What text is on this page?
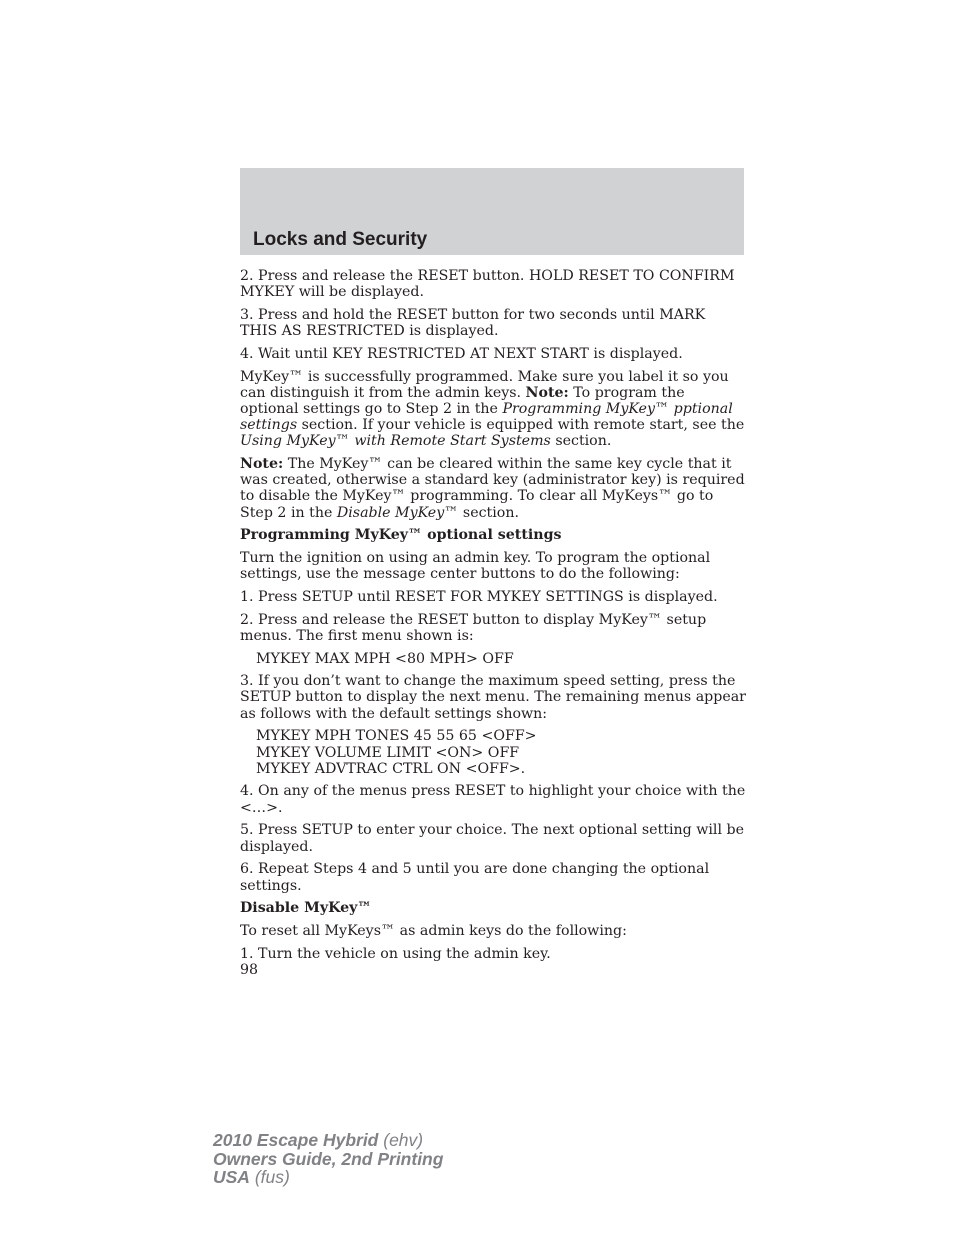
Locks and Security

2. Press and release the RESET button. HOLD RESET TO CONFIRM MYKEY will be displayed.

3. Press and hold the RESET button for two seconds until MARK THIS AS RESTRICTED is displayed.

4. Wait until KEY RESTRICTED AT NEXT START is displayed.

MyKey™ is successfully programmed. Make sure you label it so you can distinguish it from the admin keys. Note: To program the optional settings go to Step 2 in the Programming MyKey™ pptional settings section. If your vehicle is equipped with remote start, see the Using MyKey™ with Remote Start Systems section.

Note: The MyKey™ can be cleared within the same key cycle that it was created, otherwise a standard key (administrator key) is required to disable the MyKey™ programming. To clear all MyKeys™ go to Step 2 in the Disable MyKey™ section.

Programming MyKey™ optional settings

Turn the ignition on using an admin key. To program the optional settings, use the message center buttons to do the following:

1. Press SETUP until RESET FOR MYKEY SETTINGS is displayed.

2. Press and release the RESET button to display MyKey™ setup menus. The first menu shown is:

MYKEY MAX MPH <80 MPH> OFF

3. If you don’t want to change the maximum speed setting, press the SETUP button to display the next menu. The remaining menus appear as follows with the default settings shown:

MYKEY MPH TONES 45 55 65 <OFF>

MYKEY VOLUME LIMIT <ON> OFF

MYKEY ADVTRAC CTRL ON <OFF>.

4. On any of the menus press RESET to highlight your choice with the <…>.

5. Press SETUP to enter your choice. The next optional setting will be displayed.

6. Repeat Steps 4 and 5 until you are done changing the optional settings.

Disable MyKey™

To reset all MyKeys™ as admin keys do the following:

1. Turn the vehicle on using the admin key.

98

2010 Escape Hybrid (ehv)
Owners Guide, 2nd Printing
USA (fus)
